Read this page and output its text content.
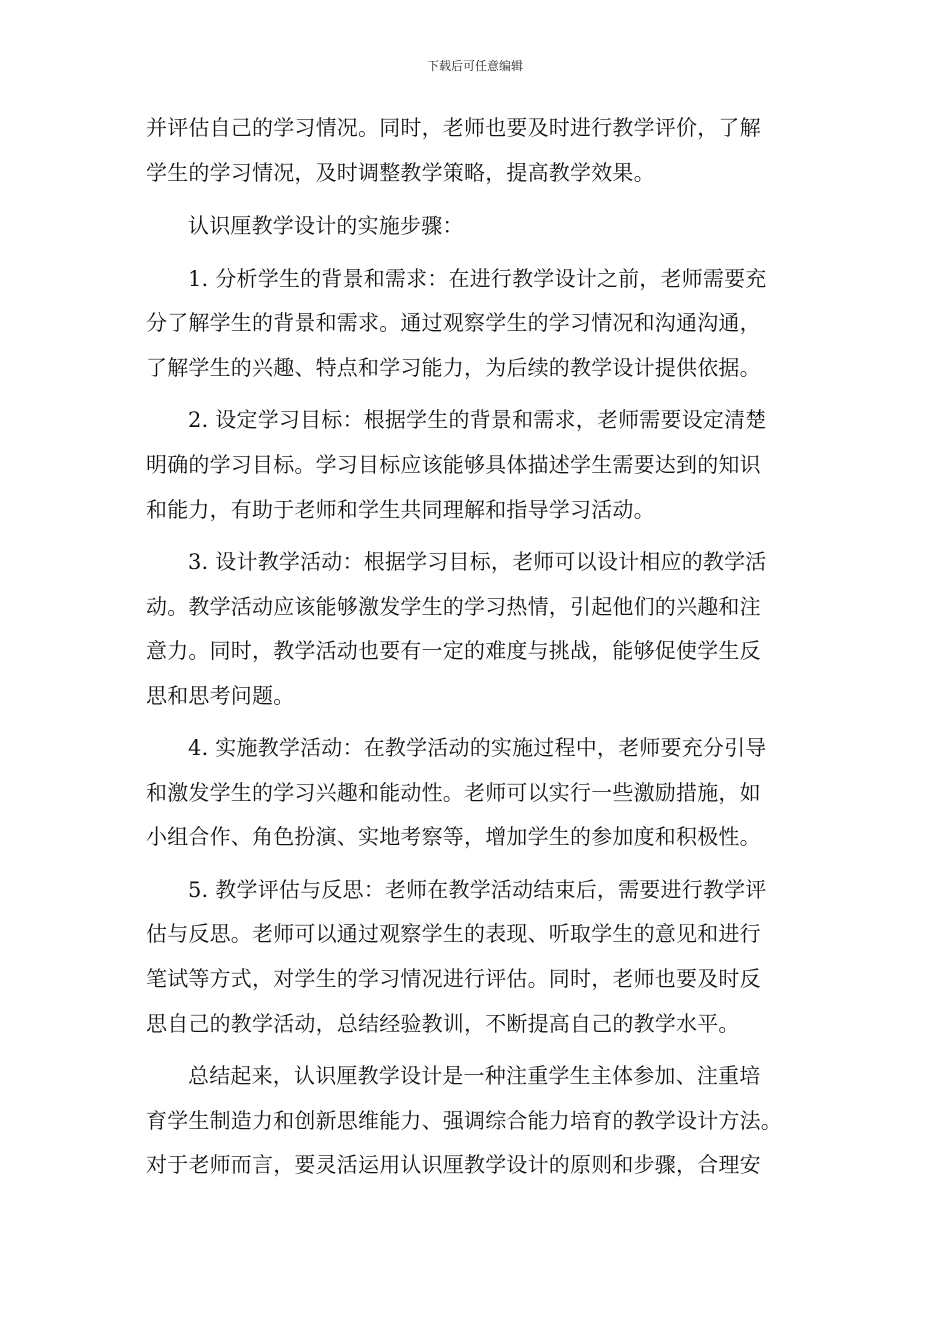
下载后可任意编辑
并评估自己的学习情况。同时，老师也要及时进行教学评价，了解
学生的学习情况，及时调整教学策略，提高教学效果。
认识厘教学设计的实施步骤：
1. 分析学生的背景和需求：在进行教学设计之前，老师需要充
分了解学生的背景和需求。通过观察学生的学习情况和沟通沟通，
了解学生的兴趣、特点和学习能力，为后续的教学设计提供依据。
2. 设定学习目标：根据学生的背景和需求，老师需要设定清楚
明确的学习目标。学习目标应该能够具体描述学生需要达到的知识
和能力，有助于老师和学生共同理解和指导学习活动。
3. 设计教学活动：根据学习目标，老师可以设计相应的教学活
动。教学活动应该能够激发学生的学习热情，引起他们的兴趣和注
意力。同时，教学活动也要有一定的难度与挑战，能够促使学生反
思和思考问题。
4. 实施教学活动：在教学活动的实施过程中，老师要充分引导
和激发学生的学习兴趣和能动性。老师可以实行一些激励措施，如
小组合作、角色扮演、实地考察等，增加学生的参加度和积极性。
5. 教学评估与反思：老师在教学活动结束后，需要进行教学评
估与反思。老师可以通过观察学生的表现、听取学生的意见和进行
笔试等方式，对学生的学习情况进行评估。同时，老师也要及时反
思自己的教学活动，总结经验教训，不断提高自己的教学水平。
总结起来，认识厘教学设计是一种注重学生主体参加、注重培
育学生制造力和创新思维能力、强调综合能力培育的教学设计方法。
对于老师而言，要灵活运用认识厘教学设计的原则和步骤，合理安
